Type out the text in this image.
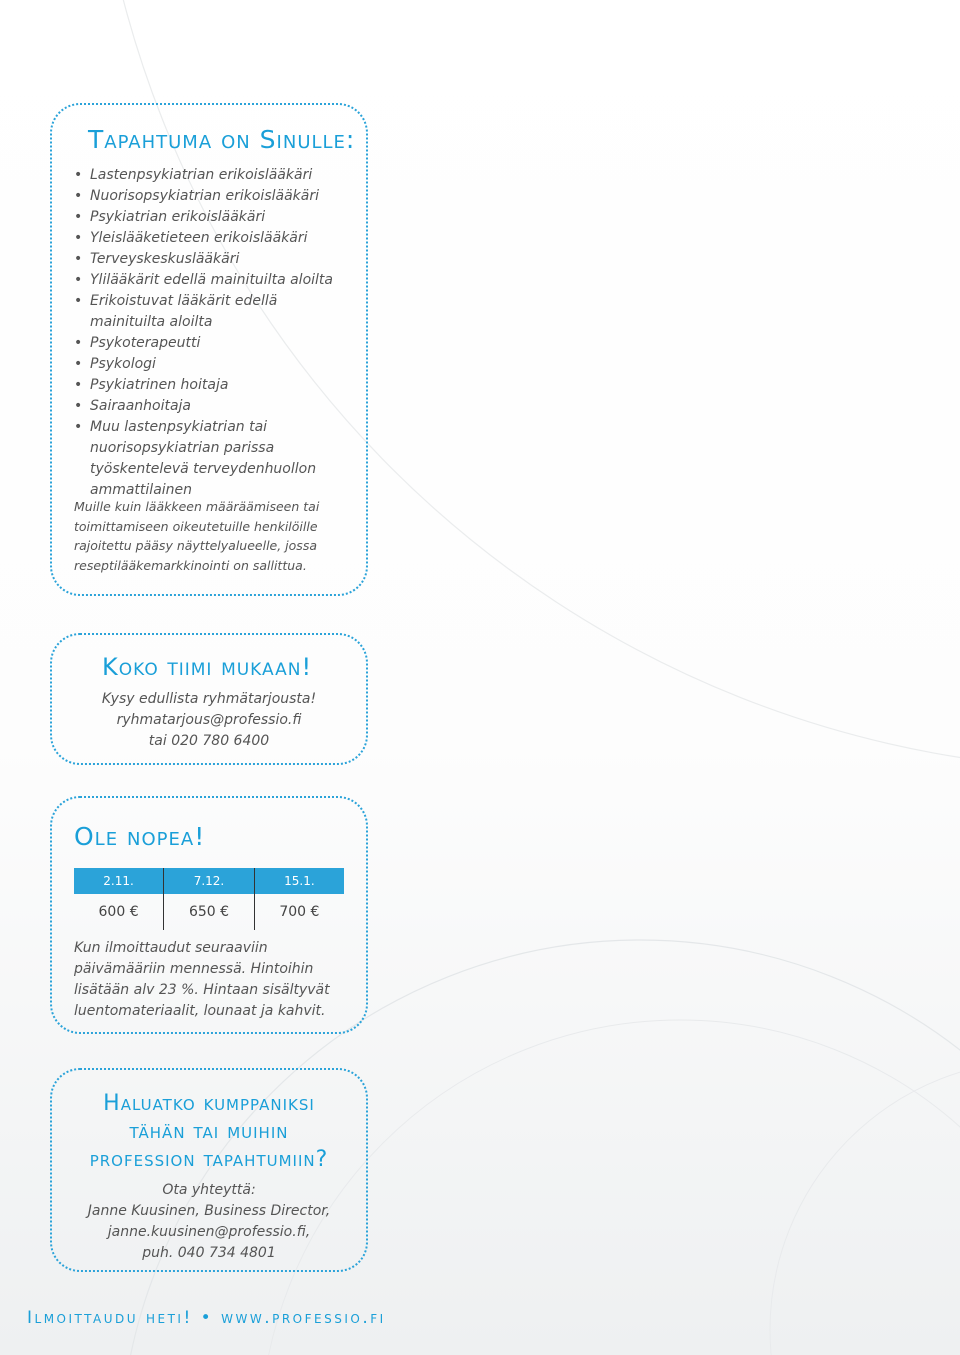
Tapahtuma on Sinulle:
• Lastenpsykiatrian erikoislääkäri
• Nuorisopsykiatrian erikoislääkäri
• Psykiatrian erikoislääkäri
• Yleislääketieteen erikoislääkäri
• Terveyskeskuslääkäri
• Ylilääkärit edellä mainituilta aloilta
• Erikoistuvat lääkärit edellä mainituilta aloilta
• Psykoterapeutti
• Psykologi
• Psykiatrinen hoitaja
• Sairaanhoitaja
• Muu lastenpsykiatrian tai nuorisopsykiatrian parissa työskentelevä terveydenhuollon ammattilainen

Muille kuin lääkkeen määräämiseen tai toimittamiseen oikeutetuille henkilöille rajoitettu pääsy näyttelyalueelle, jossa reseptilääkemarkkinointi on sallittua.

Koko tiimi mukaan!
Kysy edullista ryhmätarjousta!
ryhmatarjous@professio.fi
tai 020 780 6400
Ole nopea!
2.11.	7.12.	15.1.
600 €	650 €	700 €

Kun ilmoittaudut seuraaviin päivämääriin mennessä. Hintoihin lisätään alv 23 %. Hintaan sisältyvät luentomateriaalit, lounaat ja kahvit.

Haluatko kumppaniksi
tähän tai muihin
profession tapahtumiin?
Ota yhteyttä:
Janne Kuusinen, Business Director,
janne.kuusinen@professio.fi,
puh. 040 734 4801

Ilmoittaudu heti! • www.professio.fi
